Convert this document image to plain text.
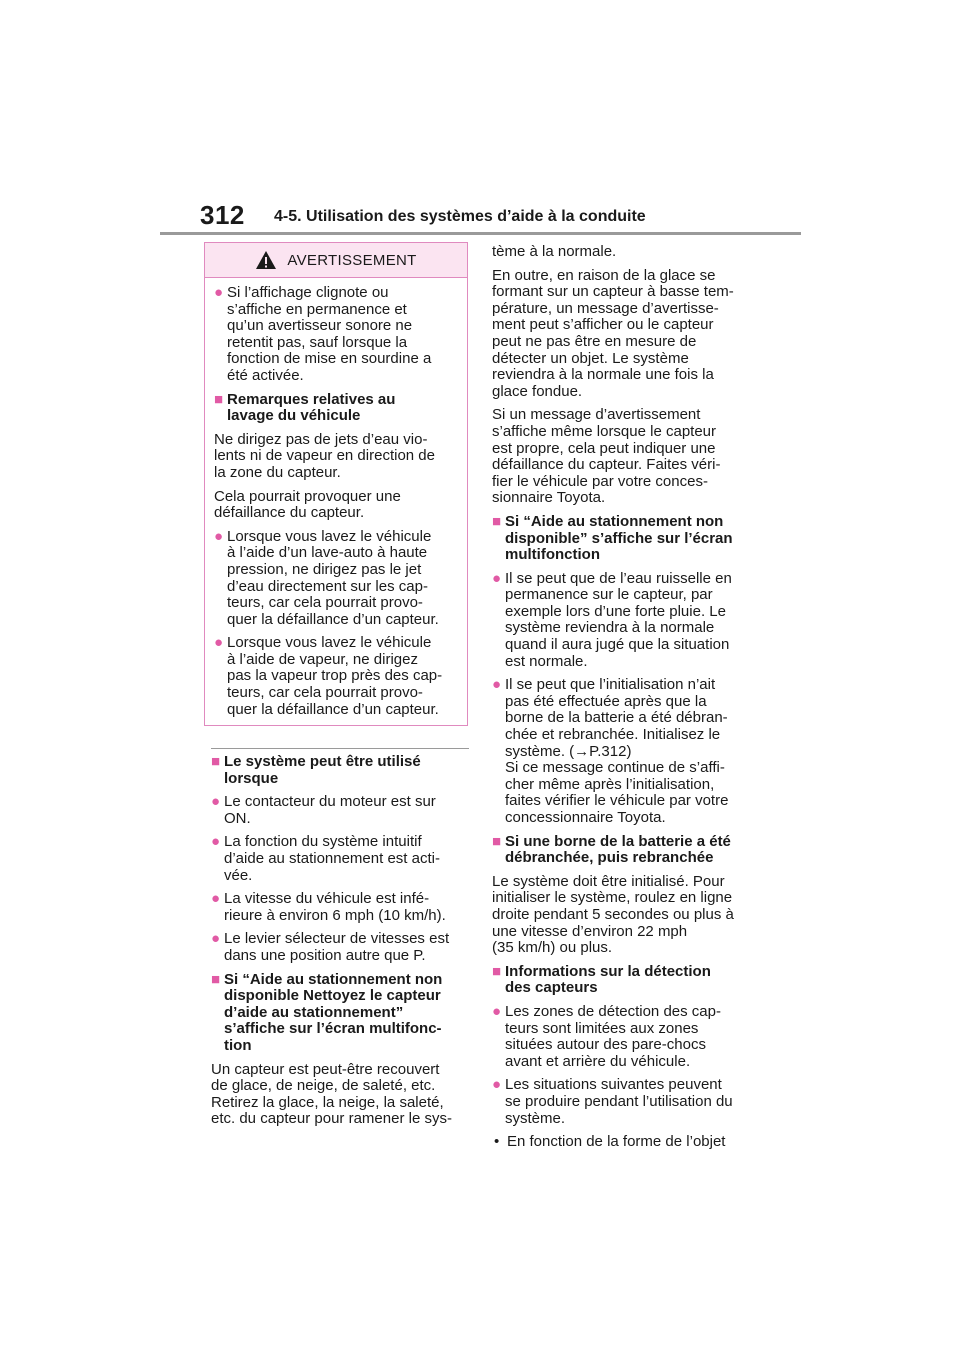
312 4-5. Utilisation des systèmes d’aide à la conduite
AVERTISSEMENT
● Si l’affichage clignote ou
s’affiche en permanence et
qu’un avertisseur sonore ne
retentit pas, sauf lorsque la
fonction de mise en sourdine a
été activée.
■ Remarques relatives au
lavage du véhicule
Ne dirigez pas de jets d’eau vio-
lents ni de vapeur en direction de
la zone du capteur.
Cela pourrait provoquer une
défaillance du capteur.
● Lorsque vous lavez le véhicule
à l’aide d’un lave-auto à haute
pression, ne dirigez pas le jet
d’eau directement sur les cap-
teurs, car cela pourrait provo-
quer la défaillance d’un capteur.
● Lorsque vous lavez le véhicule
à l’aide de vapeur, ne dirigez
pas la vapeur trop près des cap-
teurs, car cela pourrait provo-
quer la défaillance d’un capteur.
■ Le système peut être utilisé
lorsque
● Le contacteur du moteur est sur
ON.
● La fonction du système intuitif
d’aide au stationnement est acti-
vée.
● La vitesse du véhicule est infé-
rieure à environ 6 mph (10 km/h).
● Le levier sélecteur de vitesses est
dans une position autre que P.
■ Si “Aide au stationnement non
disponible Nettoyez le capteur
d’aide au stationnement”
s’affiche sur l’écran multifonc-
tion
Un capteur est peut-être recouvert
de glace, de neige, de saleté, etc.
Retirez la glace, la neige, la saleté,
etc. du capteur pour ramener le sys-
tème à la normale.
En outre, en raison de la glace se
formant sur un capteur à basse tem-
pérature, un message d’avertisse-
ment peut s’afficher ou le capteur
peut ne pas être en mesure de
détecter un objet. Le système
reviendra à la normale une fois la
glace fondue.
Si un message d’avertissement
s’affiche même lorsque le capteur
est propre, cela peut indiquer une
défaillance du capteur. Faites véri-
fier le véhicule par votre conces-
sionnaire Toyota.
■ Si “Aide au stationnement non
disponible” s’affiche sur l’écran
multifonction
● Il se peut que de l’eau ruisselle en
permanence sur le capteur, par
exemple lors d’une forte pluie. Le
système reviendra à la normale
quand il aura jugé que la situation
est normale.
● Il se peut que l’initialisation n’ait
pas été effectuée après que la
borne de la batterie a été débran-
chée et rebranchée. Initialisez le
système. (→P.312)
Si ce message continue de s’affi-
cher même après l’initialisation,
faites vérifier le véhicule par votre
concessionnaire Toyota.
■ Si une borne de la batterie a été
débranchée, puis rebranchée
Le système doit être initialisé. Pour
initialiser le système, roulez en ligne
droite pendant 5 secondes ou plus à
une vitesse d’environ 22 mph
(35 km/h) ou plus.
■ Informations sur la détection
des capteurs
● Les zones de détection des cap-
teurs sont limitées aux zones
situées autour des pare-chocs
avant et arrière du véhicule.
● Les situations suivantes peuvent
se produire pendant l’utilisation du
système.
• En fonction de la forme de l’objet
